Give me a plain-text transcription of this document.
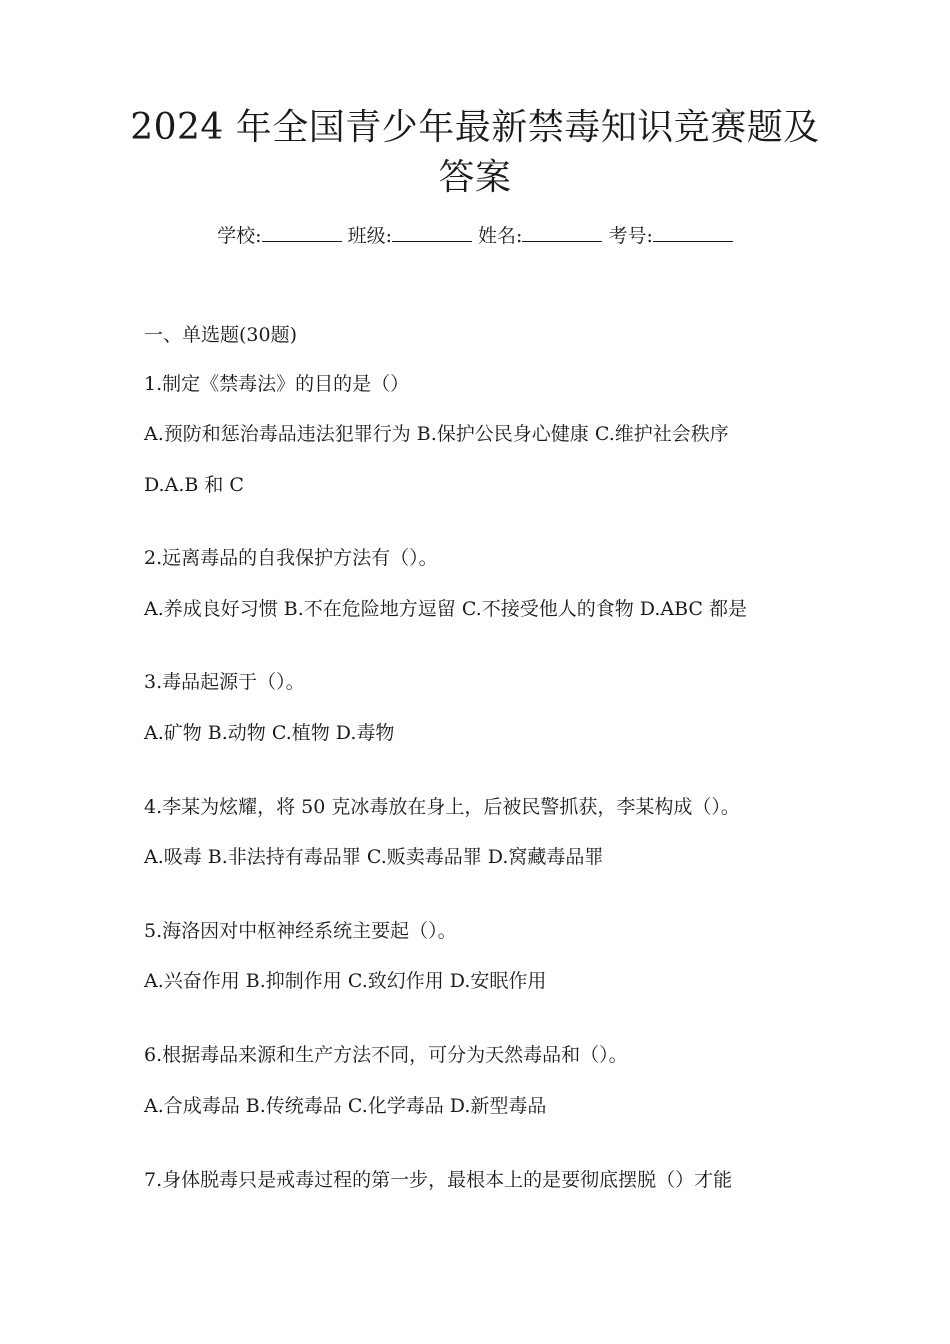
2024 年全国青少年最新禁毒知识竞赛题及
答案
学校:	班级:	姓名:	考号:
一、单选题(30题)
1.制定《禁毒法》的目的是（）
A.预防和惩治毒品违法犯罪行为 B.保护公民身心健康 C.维护社会秩序
D.A.B 和 C
2.远离毒品的自我保护方法有（）。
A.养成良好习惯 B.不在危险地方逗留 C.不接受他人的食物 D.ABC 都是
3.毒品起源于（）。
A.矿物 B.动物 C.植物 D.毒物
4.李某为炫耀，将 50 克冰毒放在身上，后被民警抓获，李某构成（）。
A.吸毒 B.非法持有毒品罪 C.贩卖毒品罪 D.窝藏毒品罪
5.海洛因对中枢神经系统主要起（）。
A.兴奋作用 B.抑制作用 C.致幻作用 D.安眠作用
6.根据毒品来源和生产方法不同，可分为天然毒品和（）。
A.合成毒品 B.传统毒品 C.化学毒品 D.新型毒品
7.身体脱毒只是戒毒过程的第一步，最根本上的是要彻底摆脱（）才能
